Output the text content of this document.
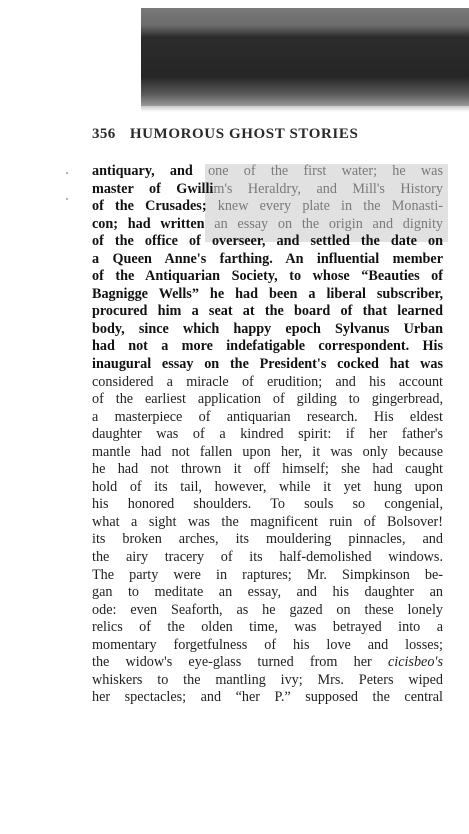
356 HUMOROUS GHOST STORIES
antiquary, and one of the first water; he was
master of Gwillim's Heraldry, and Mill's History
of the Crusades; knew every plate in the Monasti-
con; had written an essay on the origin and dignity
of the office of overseer, and settled the date on
a Queen Anne's farthing. An influential member
of the Antiquarian Society, to whose “Beauties of
Bagnigge Wells” he had been a liberal subscriber,
procured him a seat at the board of that learned
body, since which happy epoch Sylvanus Urban
had not a more indefatigable correspondent. His
inaugural essay on the President's cocked hat was
considered a miracle of erudition; and his account
of the earliest application of gilding to gingerbread,
a masterpiece of antiquarian research. His eldest
daughter was of a kindred spirit: if her father's
mantle had not fallen upon her, it was only because
he had not thrown it off himself; she had caught
hold of its tail, however, while it yet hung upon
his honored shoulders. To souls so congenial,
what a sight was the magnificent ruin of Bolsover!
its broken arches, its mouldering pinnacles, and
the airy tracery of its half-demolished windows.
The party were in raptures; Mr. Simpkinson be-
gan to meditate an essay, and his daughter an
ode: even Seaforth, as he gazed on these lonely
relics of the olden time, was betrayed into a
momentary forgetfulness of his love and losses;
the widow's eye-glass turned from her cicisbeo's
whiskers to the mantling ivy; Mrs. Peters wiped
her spectacles; and “her P.” supposed the central
